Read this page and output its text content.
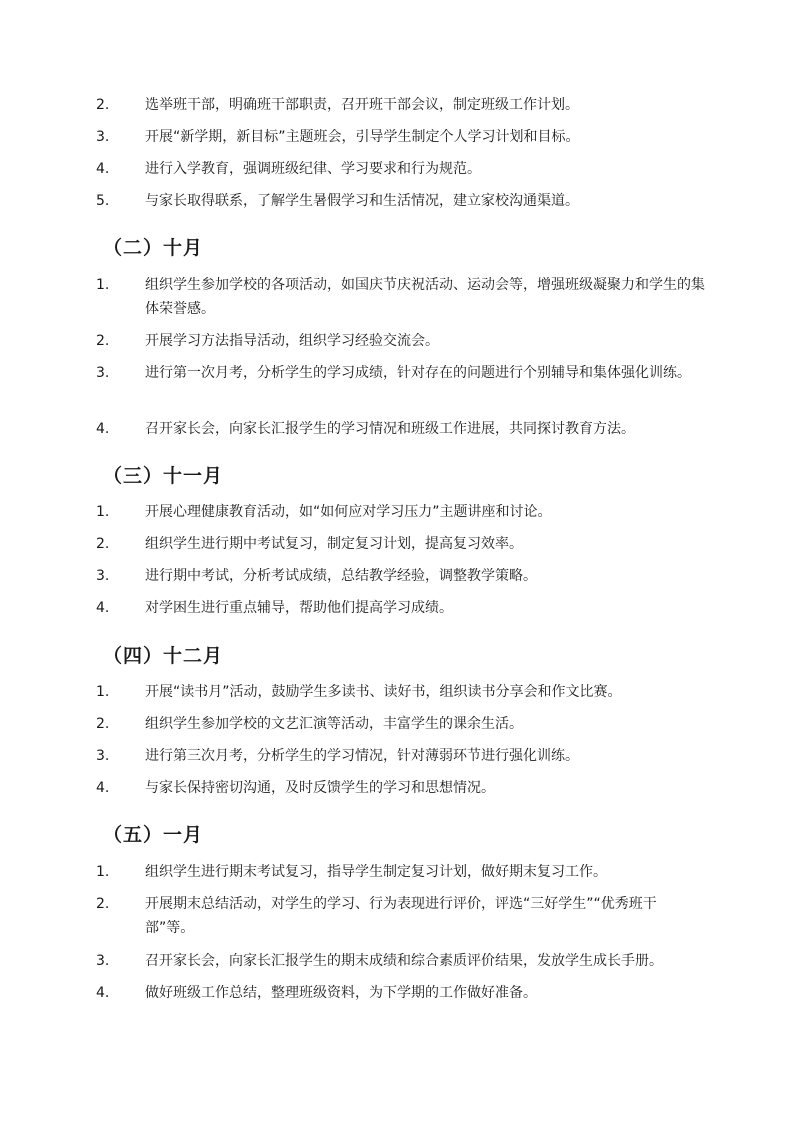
2.	选举班干部，明确班干部职责，召开班干部会议，制定班级工作计划。
3.	开展“新学期，新目标”主题班会，引导学生制定个人学习计划和目标。
4.	进行入学教育，强调班级纪律、学习要求和行为规范。
5.	与家长取得联系，了解学生暑假学习和生活情况，建立家校沟通渠道。
（二）十月
1.	组织学生参加学校的各项活动，如国庆节庆祝活动、运动会等，增强班级凝聚力和学生的集体荣誉感。
2.	开展学习方法指导活动，组织学习经验交流会。
3.	进行第一次月考，分析学生的学习成绩，针对存在的问题进行个别辅导和集体强化训练。
4.	召开家长会，向家长汇报学生的学习情况和班级工作进展，共同探讨教育方法。
（三）十一月
1.	开展心理健康教育活动，如“如何应对学习压力”主题讲座和讨论。
2.	组织学生进行期中考试复习，制定复习计划，提高复习效率。
3.	进行期中考试，分析考试成绩，总结教学经验，调整教学策略。
4.	对学困生进行重点辅导，帮助他们提高学习成绩。
（四）十二月
1.	开展“读书月”活动，鼓励学生多读书、读好书，组织读书分享会和作文比赛。
2.	组织学生参加学校的文艺汇演等活动，丰富学生的课余生活。
3.	进行第三次月考，分析学生的学习情况，针对薄弱环节进行强化训练。
4.	与家长保持密切沟通，及时反馈学生的学习和思想情况。
（五）一月
1.	组织学生进行期末考试复习，指导学生制定复习计划，做好期末复习工作。
2.	开展期末总结活动，对学生的学习、行为表现进行评价，评选“三好学生”“优秀班干部”等。
3.	召开家长会，向家长汇报学生的期末成绩和综合素质评价结果，发放学生成长手册。
4.	做好班级工作总结，整理班级资料，为下学期的工作做好准备。
